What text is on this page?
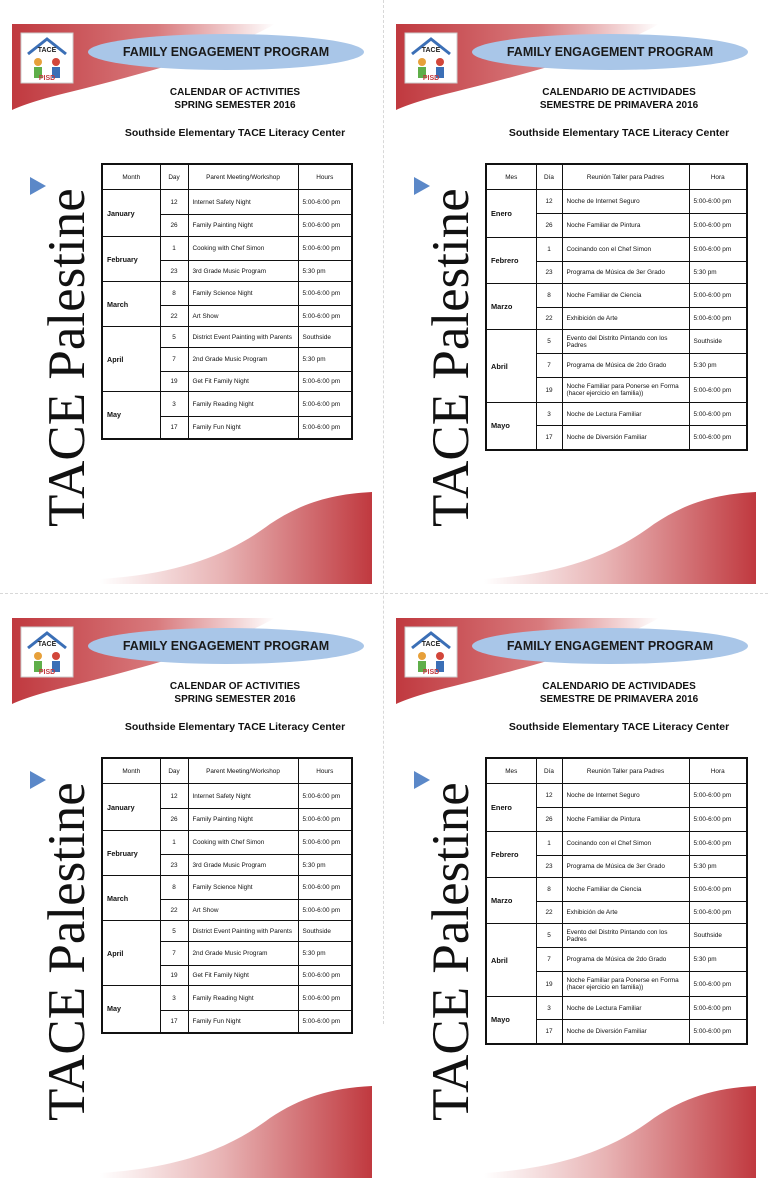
TACE
PISD
FAMILY ENGAGEMENT PROGRAM
TACE Palestine
CALENDAR OF ACTIVITIES
SPRING SEMESTER 2016
Southside Elementary TACE Literacy Center
Month	Day	Parent Meeting/Workshop	Hours
January	12	Internet Safety Night	5:00-6:00 pm
	26	Family Painting Night	5:00-6:00 pm
February	1	Cooking with Chef Simon	5:00-6:00 pm
	23	3rd Grade Music Program	5:30 pm
March	8	Family Science Night	5:00-6:00 pm
	22	Art Show	5:00-6:00 pm
April	5	District Event Painting with Parents	Southside
	7	2nd Grade Music Program	5:30 pm
	19	Get Fit Family Night	5:00-6:00 pm
May	3	Family Reading Night	5:00-6:00 pm
	17	Family Fun Night	5:00-6:00 pm
TACE
PISD
FAMILY ENGAGEMENT PROGRAM
TACE Palestine
CALENDARIO DE ACTIVIDADES
SEMESTRE DE PRIMAVERA 2016
Southside Elementary TACE Literacy Center
Mes	Día	Reunión Taller para Padres	Hora
Enero	12	Noche de Internet Seguro	5:00-6:00 pm
	26	Noche Familiar de Pintura	5:00-6:00 pm
Febrero	1	Cocinando con el Chef Simon	5:00-6:00 pm
	23	Programa de Música de 3er Grado	5:30 pm
Marzo	8	Noche Familiar de Ciencia	5:00-6:00 pm
	22	Exhibición de Arte	5:00-6:00 pm
Abril	5	Evento del Distrito Pintando con los Padres	Southside
	7	Programa de Música de 2do Grado	5:30 pm
	19	Noche Familiar para Ponerse en Forma (hacer ejercicio en familia))	5:00-6:00 pm
Mayo	3	Noche de Lectura Familiar	5:00-6:00 pm
	17	Noche de Diversión Familiar	5:00-6:00 pm
TACE
PISD
FAMILY ENGAGEMENT PROGRAM
TACE Palestine
CALENDAR OF ACTIVITIES
SPRING SEMESTER 2016
Southside Elementary TACE Literacy Center
Month	Day	Parent Meeting/Workshop	Hours
January	12	Internet Safety Night	5:00-6:00 pm
	26	Family Painting Night	5:00-6:00 pm
February	1	Cooking with Chef Simon	5:00-6:00 pm
	23	3rd Grade Music Program	5:30 pm
March	8	Family Science Night	5:00-6:00 pm
	22	Art Show	5:00-6:00 pm
April	5	District Event Painting with Parents	Southside
	7	2nd Grade Music Program	5:30 pm
	19	Get Fit Family Night	5:00-6:00 pm
May	3	Family Reading Night	5:00-6:00 pm
	17	Family Fun Night	5:00-6:00 pm
TACE
PISD
FAMILY ENGAGEMENT PROGRAM
TACE Palestine
CALENDARIO DE ACTIVIDADES
SEMESTRE DE PRIMAVERA 2016
Southside Elementary TACE Literacy Center
Mes	Día	Reunión Taller para Padres	Hora
Enero	12	Noche de Internet Seguro	5:00-6:00 pm
	26	Noche Familiar de Pintura	5:00-6:00 pm
Febrero	1	Cocinando con el Chef Simon	5:00-6:00 pm
	23	Programa de Música de 3er Grado	5:30 pm
Marzo	8	Noche Familiar de Ciencia	5:00-6:00 pm
	22	Exhibición de Arte	5:00-6:00 pm
Abril	5	Evento del Distrito Pintando con los Padres	Southside
	7	Programa de Música de 2do Grado	5:30 pm
	19	Noche Familiar para Ponerse en Forma (hacer ejercicio en familia))	5:00-6:00 pm
Mayo	3	Noche de Lectura Familiar	5:00-6:00 pm
	17	Noche de Diversión Familiar	5:00-6:00 pm
